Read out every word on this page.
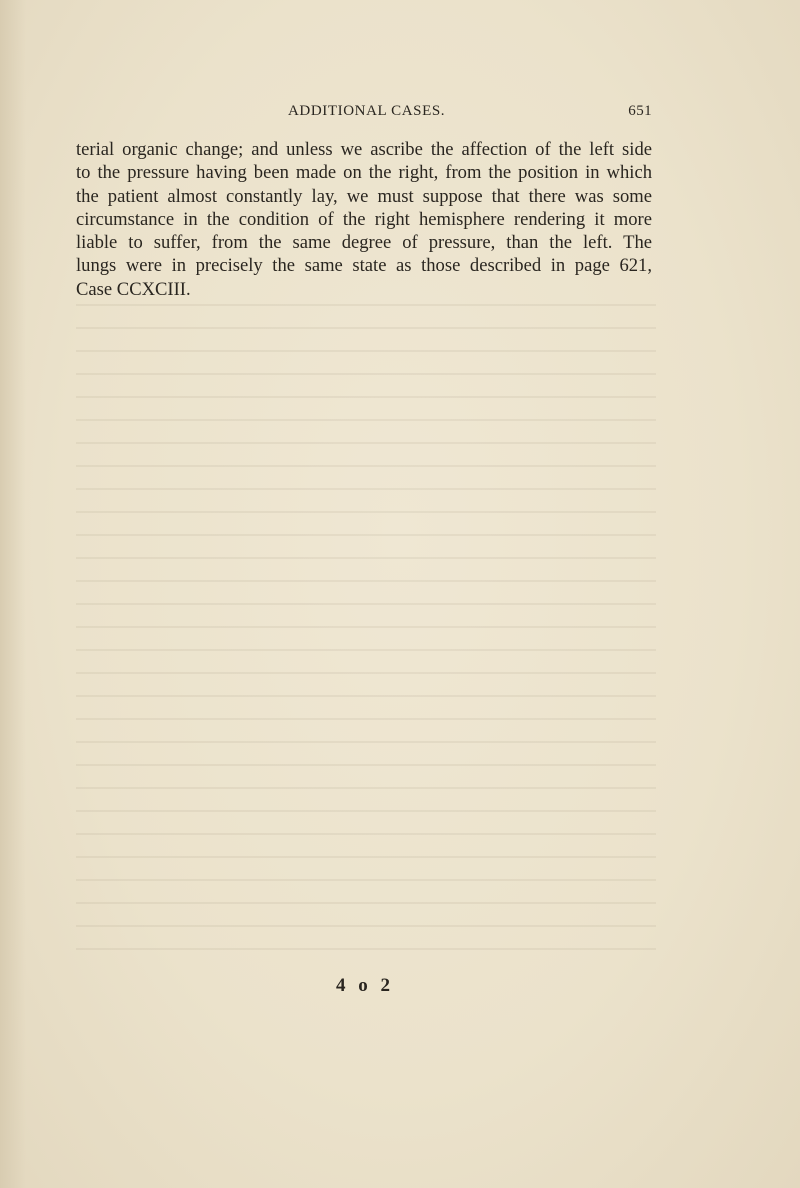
ADDITIONAL CASES.	651
terial organic change; and unless we ascribe the affection of the left side
to the pressure having been made on the right, from the position in which
the patient almost constantly lay, we must suppose that there was some
circumstance in the condition of the right hemisphere rendering it more
liable to suffer, from the same degree of pressure, than the left. The
lungs were in precisely the same state as those described in page 621,
Case CCXCIII.
4 o 2
